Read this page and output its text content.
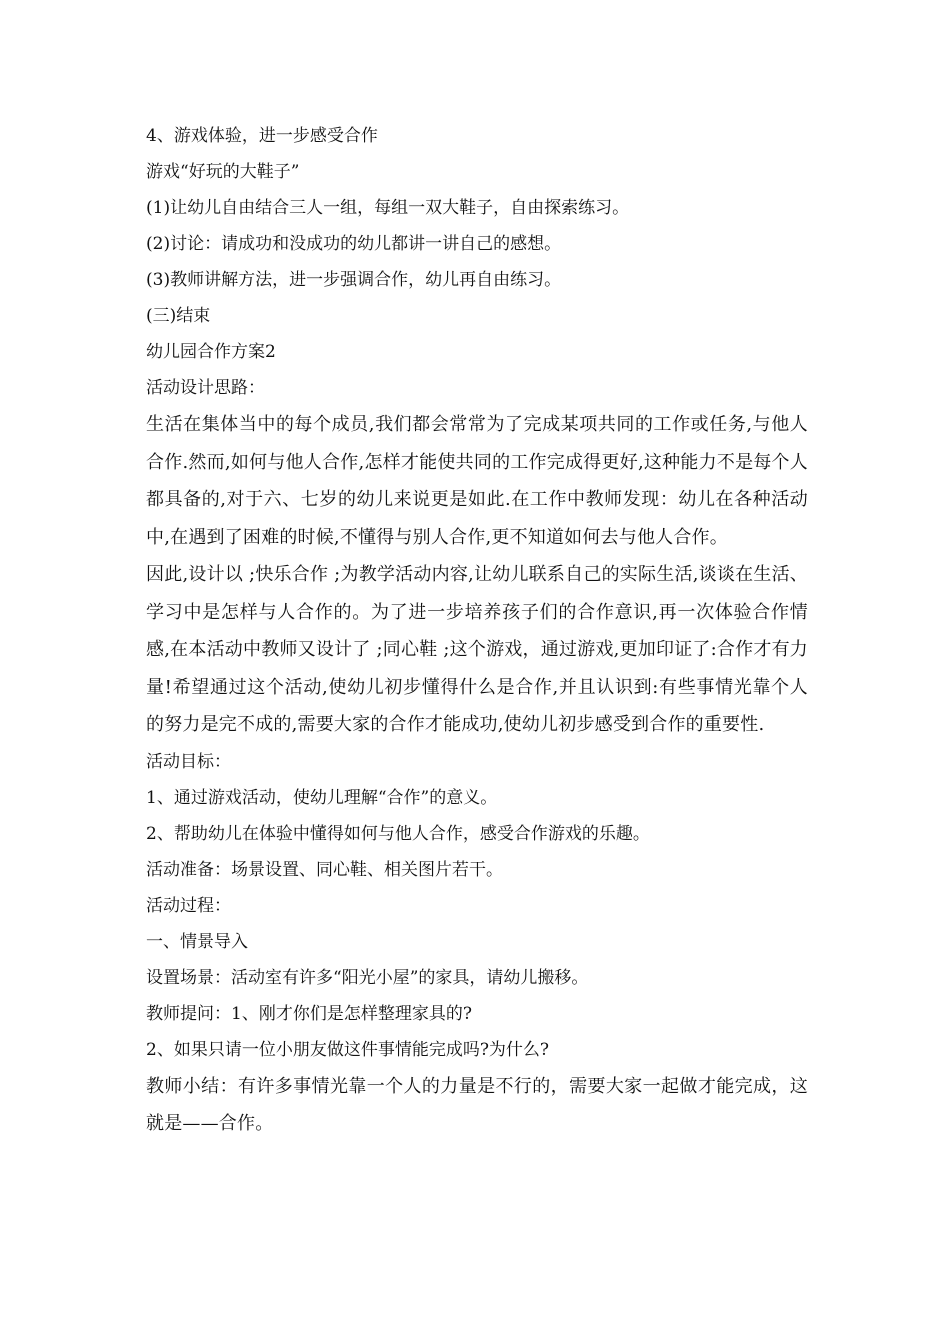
4、游戏体验，进一步感受合作

游戏“好玩的大鞋子”

(1)让幼儿自由结合三人一组，每组一双大鞋子，自由探索练习。

(2)讨论：请成功和没成功的幼儿都讲一讲自己的感想。

(3)教师讲解方法，进一步强调合作，幼儿再自由练习。

(三)结束

幼儿园合作方案2

活动设计思路：

生活在集体当中的每个成员,我们都会常常为了完成某项共同的工作或任务,与他人合作.然而,如何与他人合作,怎样才能使共同的工作完成得更好,这种能力不是每个人都具备的,对于六、七岁的幼儿来说更是如此.在工作中教师发现：幼儿在各种活动中,在遇到了困难的时候,不懂得与别人合作,更不知道如何去与他人合作。

因此,设计以 ;快乐合作 ;为教学活动内容,让幼儿联系自己的实际生活,谈谈在生活、学习中是怎样与人合作的。为了进一步培养孩子们的合作意识,再一次体验合作情感,在本活动中教师又设计了 ;同心鞋 ;这个游戏，通过游戏,更加印证了:合作才有力量!希望通过这个活动,使幼儿初步懂得什么是合作,并且认识到:有些事情光靠个人的努力是完不成的,需要大家的合作才能成功,使幼儿初步感受到合作的重要性.

活动目标：

1、通过游戏活动，使幼儿理解“合作”的意义。

2、帮助幼儿在体验中懂得如何与他人合作，感受合作游戏的乐趣。

活动准备：场景设置、同心鞋、相关图片若干。

活动过程：

一、情景导入

设置场景：活动室有许多“阳光小屋”的家具，请幼儿搬移。

教师提问：1、刚才你们是怎样整理家具的?

2、如果只请一位小朋友做这件事情能完成吗?为什么?

教师小结：有许多事情光靠一个人的力量是不行的，需要大家一起做才能完成，这就是——合作。
